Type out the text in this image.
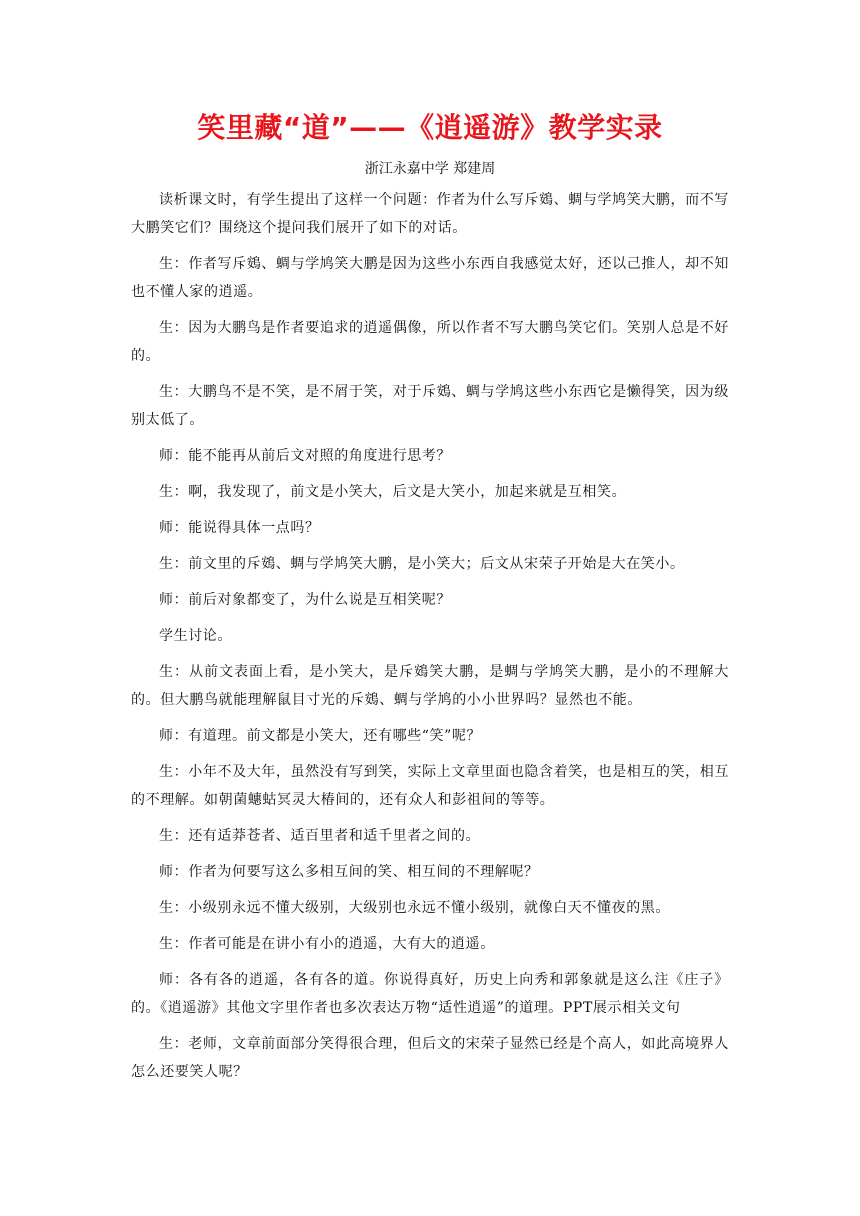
笑里藏“道”——《逍遥游》教学实录
浙江永嘉中学 郑建周

读析课文时，有学生提出了这样一个问题：作者为什么写斥鴳、蜩与学鸠笑大鹏，而不写大鹏笑它们？围绕这个提问我们展开了如下的对话。

生：作者写斥鴳、蜩与学鸠笑大鹏是因为这些小东西自我感觉太好，还以己推人，却不知也不懂人家的逍遥。

生：因为大鹏鸟是作者要追求的逍遥偶像，所以作者不写大鹏鸟笑它们。笑别人总是不好的。

生：大鹏鸟不是不笑，是不屑于笑，对于斥鴳、蜩与学鸠这些小东西它是懒得笑，因为级别太低了。

师：能不能再从前后文对照的角度进行思考？

生：啊，我发现了，前文是小笑大，后文是大笑小，加起来就是互相笑。

师：能说得具体一点吗？

生：前文里的斥鴳、蜩与学鸠笑大鹏，是小笑大；后文从宋荣子开始是大在笑小。

师：前后对象都变了，为什么说是互相笑呢？

学生讨论。

生：从前文表面上看，是小笑大，是斥鴳笑大鹏，是蜩与学鸠笑大鹏，是小的不理解大的。但大鹏鸟就能理解鼠目寸光的斥鴳、蜩与学鸠的小小世界吗？显然也不能。

师：有道理。前文都是小笑大，还有哪些“笑”呢？

生：小年不及大年，虽然没有写到笑，实际上文章里面也隐含着笑，也是相互的笑，相互的不理解。如朝菌蟪蛄冥灵大椿间的，还有众人和彭祖间的等等。

生：还有适莽苍者、适百里者和适千里者之间的。

师：作者为何要写这么多相互间的笑、相互间的不理解呢？

生：小级别永远不懂大级别，大级别也永远不懂小级别，就像白天不懂夜的黑。

生：作者可能是在讲小有小的逍遥，大有大的逍遥。

师：各有各的逍遥，各有各的道。你说得真好，历史上向秀和郭象就是这么注《庄子》的。《逍遥游》其他文字里作者也多次表达万物“适性逍遥”的道理。PPT展示相关文句

生：老师，文章前面部分笑得很合理，但后文的宋荣子显然已经是个高人，如此高境界人怎么还要笑人呢？
